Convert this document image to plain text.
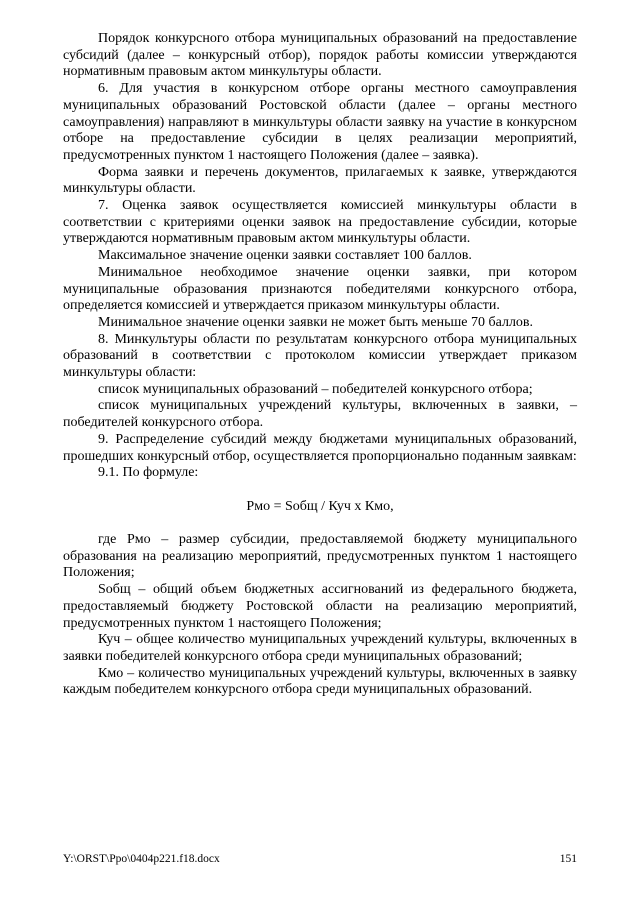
Порядок конкурсного отбора муниципальных образований на предоставление субсидий (далее – конкурсный отбор), порядок работы комиссии утверждаются нормативным правовым актом минкультуры области.

6. Для участия в конкурсном отборе органы местного самоуправления муниципальных образований Ростовской области (далее – органы местного самоуправления) направляют в минкультуры области заявку на участие в конкурсном отборе на предоставление субсидии в целях реализации мероприятий, предусмотренных пунктом 1 настоящего Положения (далее – заявка).

Форма заявки и перечень документов, прилагаемых к заявке, утверждаются минкультуры области.

7. Оценка заявок осуществляется комиссией минкультуры области в соответствии с критериями оценки заявок на предоставление субсидии, которые утверждаются нормативным правовым актом минкультуры области.

Максимальное значение оценки заявки составляет 100 баллов.

Минимальное необходимое значение оценки заявки, при котором муниципальные образования признаются победителями конкурсного отбора, определяется комиссией и утверждается приказом минкультуры области.

Минимальное значение оценки заявки не может быть меньше 70 баллов.

8. Минкультуры области по результатам конкурсного отбора муниципальных образований в соответствии с протоколом комиссии утверждает приказом минкультуры области:

список муниципальных образований – победителей конкурсного отбора;

список муниципальных учреждений культуры, включенных в заявки, – победителей конкурсного отбора.

9. Распределение субсидий между бюджетами муниципальных образований, прошедших конкурсный отбор, осуществляется пропорционально поданным заявкам:

9.1. По формуле:

Рмо = Sобщ / Куч х Кмо,

где Рмо – размер субсидии, предоставляемой бюджету муниципального образования на реализацию мероприятий, предусмотренных пунктом 1 настоящего Положения;

Sобщ – общий объем бюджетных ассигнований из федерального бюджета, предоставляемый бюджету Ростовской области на реализацию мероприятий, предусмотренных пунктом 1 настоящего Положения;

Куч – общее количество муниципальных учреждений культуры, включенных в заявки победителей конкурсного отбора среди муниципальных образований;

Кмо – количество муниципальных учреждений культуры, включенных в заявку каждым победителем конкурсного отбора среди муниципальных образований.

Y:\ORST\Ppo\0404p221.f18.docx	151
